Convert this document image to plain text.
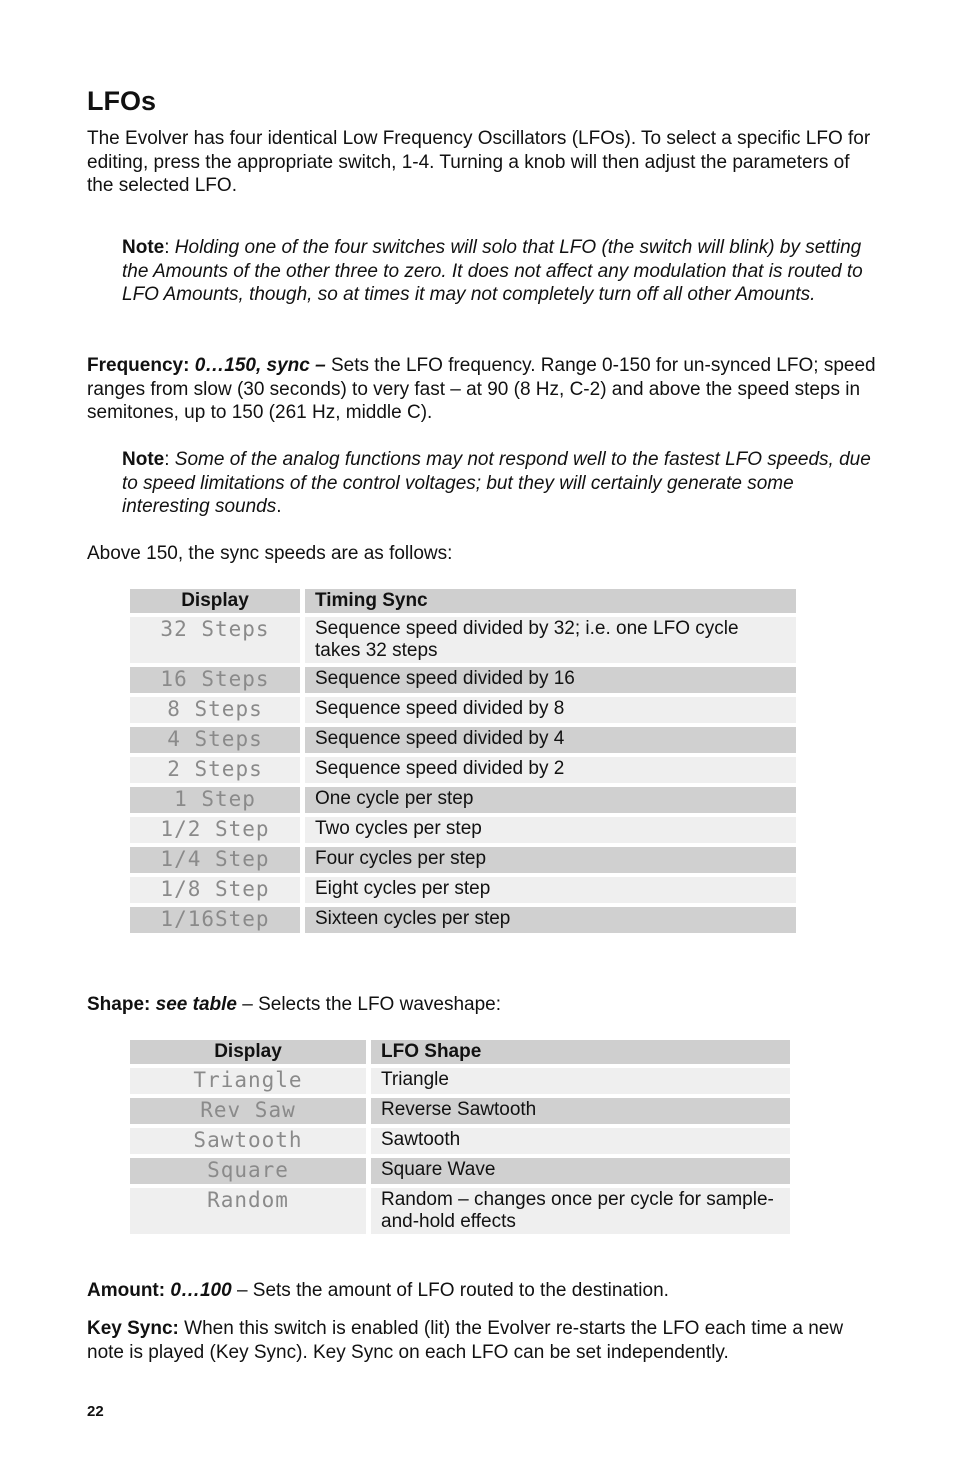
LFOs
The Evolver has four identical Low Frequency Oscillators (LFOs). To select a specific LFO for editing, press the appropriate switch, 1-4. Turning a knob will then adjust the parameters of the selected LFO.
Note: Holding one of the four switches will solo that LFO (the switch will blink) by setting the Amounts of the other three to zero. It does not affect any modulation that is routed to LFO Amounts, though, so at times it may not completely turn off all other Amounts.
Frequency: 0…150, sync – Sets the LFO frequency. Range 0-150 for un-synced LFO; speed ranges from slow (30 seconds) to very fast – at 90 (8 Hz, C-2) and above the speed steps in semitones, up to 150 (261 Hz, middle C).
Note: Some of the analog functions may not respond well to the fastest LFO speeds, due to speed limitations of the control voltages; but they will certainly generate some interesting sounds.
Above 150, the sync speeds are as follows:
Display	Timing Sync
32 Steps	Sequence speed divided by 32; i.e. one LFO cycle takes 32 steps
16 Steps	Sequence speed divided by 16
8 Steps	Sequence speed divided by 8
4 Steps	Sequence speed divided by 4
2 Steps	Sequence speed divided by 2
1 Step	One cycle per step
1/2 Step	Two cycles per step
1/4 Step	Four cycles per step
1/8 Step	Eight cycles per step
1/16Step	Sixteen cycles per step
Shape: see table – Selects the LFO waveshape:
Display	LFO Shape
Triangle	Triangle
Rev Saw	Reverse Sawtooth
Sawtooth	Sawtooth
Square	Square Wave
Random	Random – changes once per cycle for sample-and-hold effects
Amount: 0…100 – Sets the amount of LFO routed to the destination.
Key Sync: When this switch is enabled (lit) the Evolver re-starts the LFO each time a new note is played (Key Sync). Key Sync on each LFO can be set independently.
22
